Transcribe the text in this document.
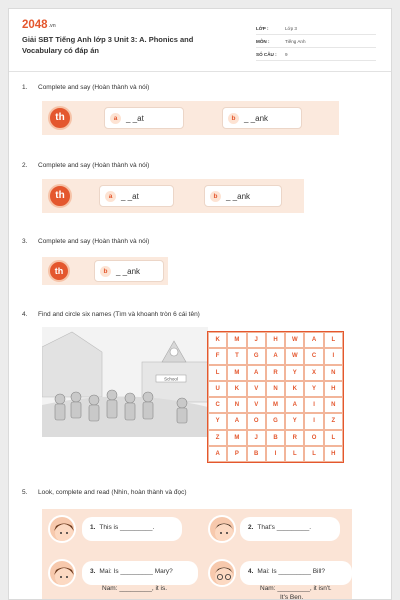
2048.vn
Giải SBT Tiếng Anh lớp 3 Unit 3: A. Phonics and Vocabulary có đáp án
LỚP :	Lớp 3
MÔN :	Tiếng Anh
SỐ CÂU : 9
1. Complete and say (Hoàn thành và nói)
th	a	_ _at	b	_ _ank
2. Complete and say (Hoàn thành và nói)
th	a	_ _at	b	_ _ank
3. Complete and say (Hoàn thành và nói)
th	b	_ _ank
4. Find and circle six names (Tìm và khoanh tròn 6 cái tên)
School
K	M	J	H	W	A	L
F	T	G	A	W	C	I
L	M	A	R	Y	X	N
U	K	V	N	K	Y	H
C	N	V	M	A	I	N
Y	A	O	G	Y	I	Z
Z	M	J	B	R	O	L
A	P	B	I	L	L	H
5. Look, complete and read (Nhìn, hoàn thành và đọc)
1. This is _________.	2. That's _________.
3. Mai: Is _________ Mary?
Nam: _________, it is.
4. Mai: Is _________ Bill?
Nam: _________, it isn't.
It's Ben.
